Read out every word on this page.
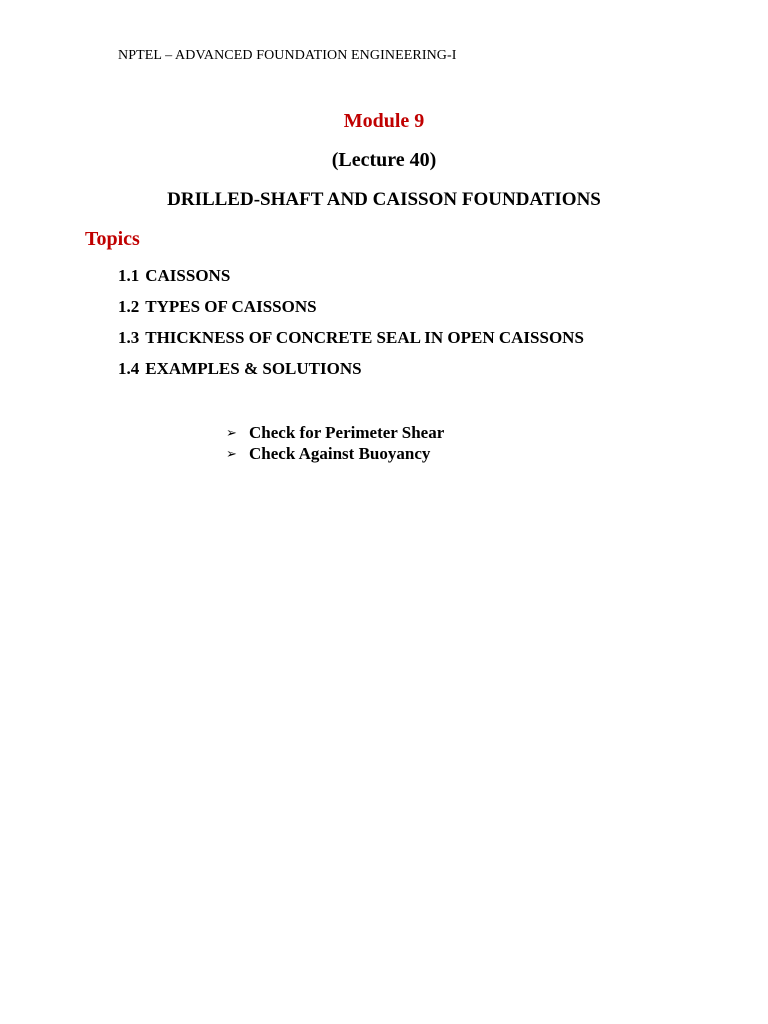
NPTEL – ADVANCED FOUNDATION ENGINEERING-I
Module 9
(Lecture 40)
DRILLED-SHAFT AND CAISSON FOUNDATIONS
Topics
1.1 CAISSONS
1.2 TYPES OF CAISSONS
1.3 THICKNESS OF CONCRETE SEAL IN OPEN CAISSONS
1.4 EXAMPLES & SOLUTIONS
➢ Check for Perimeter Shear
➢ Check Against Buoyancy
